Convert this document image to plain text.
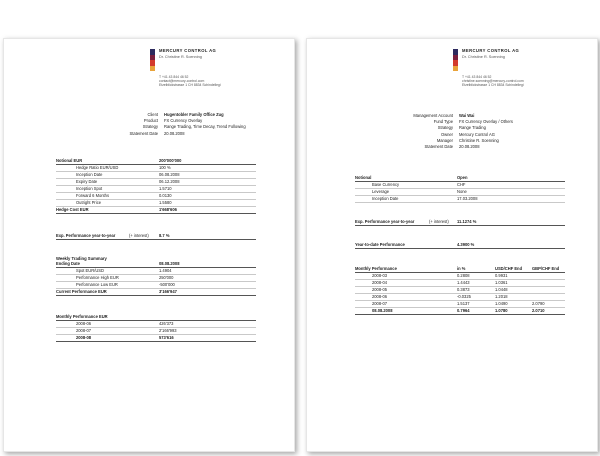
MERCURY CONTROL AG
Dr. Christine R. Soenning
T +41 43 844 46 52
contact@mercury-control.com
Etzelblickstrasse 1 CH 8834 Schindellegi
Client Hugentobler Family Office Zug
Product FX Currency Overlay
Strategy Range Trading, Time Decay, Trend Following
Statement Date 20.08.2008
Notional EUR	200'000'000
Hedge Ratio EUR/USD	100 %
Inception Date	06.08.2008
Expiry Date	06.12.2008
Inception Spot	1.5710
Forward 6 Months	0.0130
Outright Price	1.5580
Hedge Cost EUR	1'668'606
Exp. Performance year-to-year	(+ interest)	8.7 %
Weekly Trading Summary
Ending Date	08.08.2008
Spot EUR/USD	1.4904
Performance High EUR	250'000
Performance Low EUR	-500'000
Current Performance EUR	3'166'947
Monthly Performance EUR
2008-06	426'373
2008-07	2'166'993
2008-08	573'616
MERCURY CONTROL AG
Dr. Christine R. Soenning
T +41 43 844 46 52
christine.soenning@mercury-control.com
Etzelblickstrasse 1 CH 8834 Schindellegi
Management Account Wai Wai
Fund Type FX Currency Overlay / Others
Strategy Range Trading
Owner Mercury Control AG
Manager Christine R. Soenning
Statement Date 20.08.2008
Notional	Open
Base Currency	CHF
Leverage	None
Inception Date	17.03.2008
Exp. Performance year-to-year	(+ interest) 11.1274 %
Year-to-date Performance	4.3900 %
Monthly Performance	in %	USD/CHF End GBP/CHF End
2008-03	0.2808	0.9931
2008-04	1.4443	1.0361
2008-05	0.3873	1.0448
2008-06	-0.0325	1.2018
2008-07	1.5137	1.0490	2.0790
08.08.2008	0.7964	1.0780	2.0710
